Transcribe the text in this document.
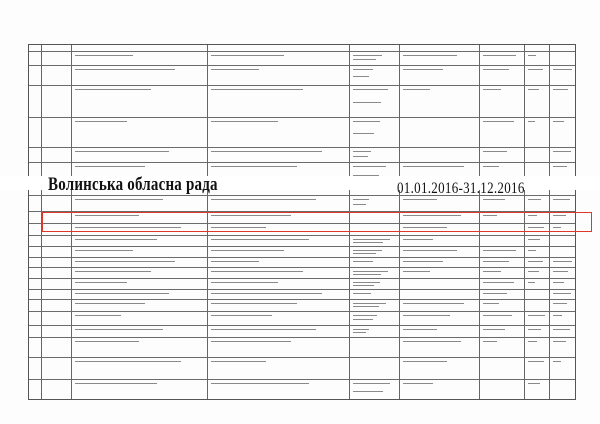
Волинська обласна рада	01.01.2016-31.12.2016
